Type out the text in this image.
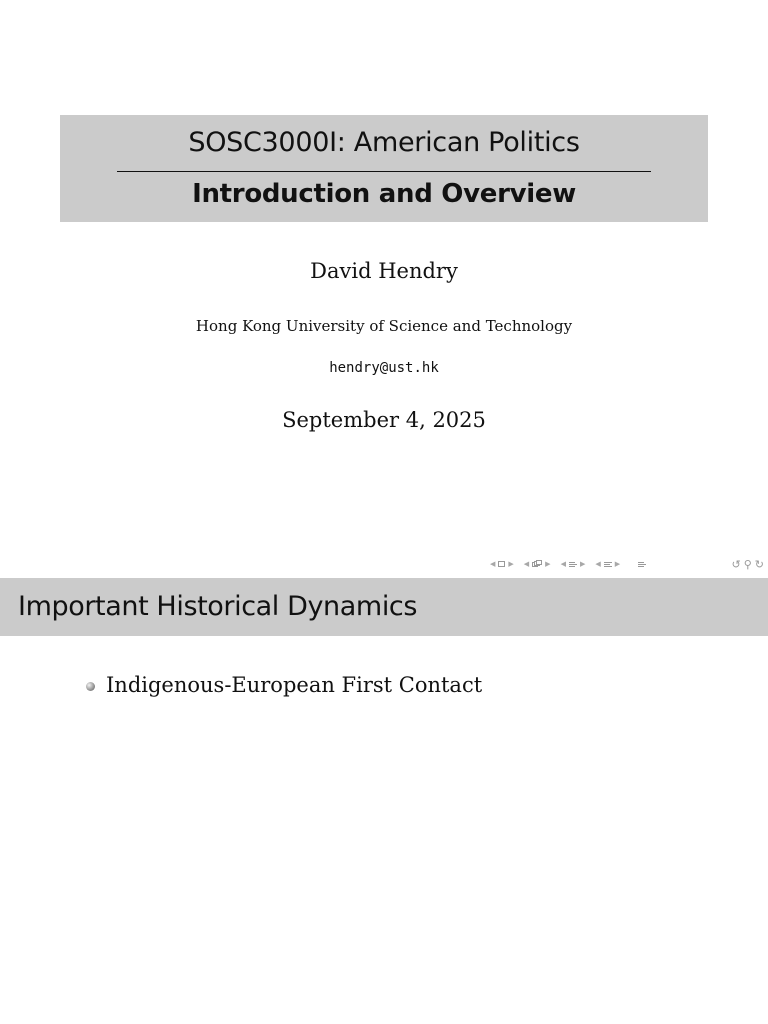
SOSC3000I: American Politics
Introduction and Overview
David Hendry
Hong Kong University of Science and Technology
hendry@ust.hk
September 4, 2025
◀ ▶ ◀ ▶ ◀ ▶ ◀ ▶	↺ ⚲ ↻
Important Historical Dynamics
Indigenous-European First Contact
